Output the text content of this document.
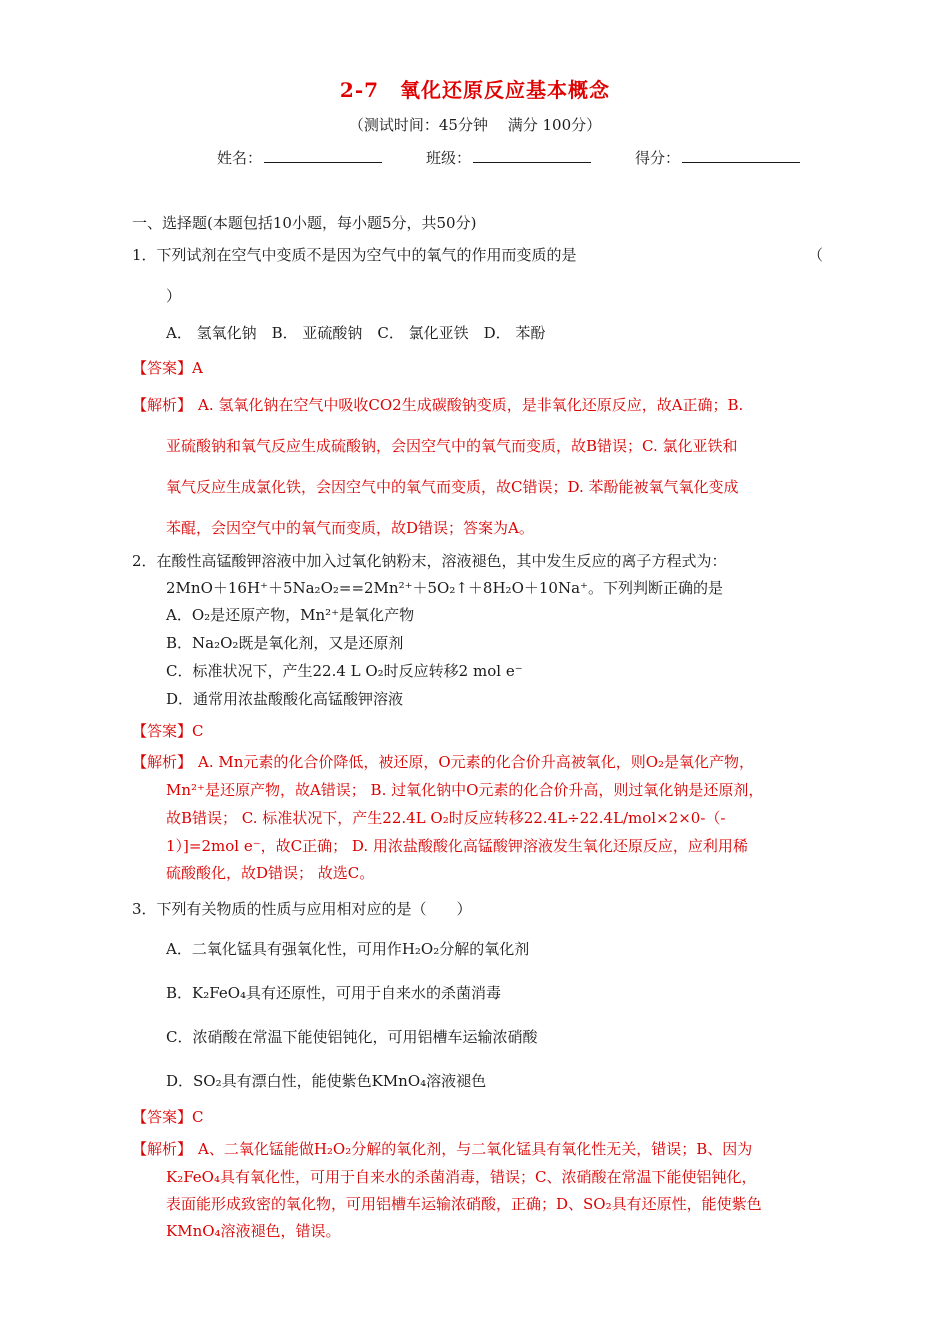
2-7　氧化还原反应基本概念
（测试时间：45分钟　 满分 100分）
姓名：	班级：	得分：
一、选择题(本题包括10小题，每小题5分，共50分)
1．下列试剂在空气中变质不是因为空气中的氧气的作用而变质的是	（
）
A． 氢氧化钠　B． 亚硫酸钠　C． 氯化亚铁　D． 苯酚
【答案】A
【解析】 A. 氢氧化钠在空气中吸收CO2生成碳酸钠变质，是非氧化还原反应，故A正确；B.
亚硫酸钠和氧气反应生成硫酸钠，会因空气中的氧气而变质，故B错误；C. 氯化亚铁和
氧气反应生成氯化铁，会因空气中的氧气而变质，故C错误；D. 苯酚能被氧气氧化变成
苯醌，会因空气中的氧气而变质，故D错误；答案为A。
2．在酸性高锰酸钾溶液中加入过氧化钠粉末，溶液褪色，其中发生反应的离子方程式为：
2MnO＋16H⁺＋5Na₂O₂==2Mn²⁺＋5O₂↑＋8H₂O＋10Na⁺。下列判断正确的是
A．O₂是还原产物，Mn²⁺是氧化产物
B．Na₂O₂既是氧化剂，又是还原剂
C．标准状况下，产生22.4 L O₂时反应转移2 mol e⁻
D．通常用浓盐酸酸化高锰酸钾溶液
【答案】C
【解析】 A. Mn元素的化合价降低，被还原，O元素的化合价升高被氧化，则O₂是氧化产物，
Mn²⁺是还原产物，故A错误； B. 过氧化钠中O元素的化合价升高，则过氧化钠是还原剂，
故B错误； C. 标准状况下，产生22.4L O₂时反应转移22.4L÷22.4L/mol×2×0-（-
1）]=2mol e⁻，故C正确； D. 用浓盐酸酸化高锰酸钾溶液发生氧化还原反应，应利用稀
硫酸酸化，故D错误； 故选C。
3．下列有关物质的性质与应用相对应的是（　　）
A．二氧化锰具有强氧化性，可用作H₂O₂分解的氧化剂
B．K₂FeO₄具有还原性，可用于自来水的杀菌消毒
C．浓硝酸在常温下能使铝钝化，可用铝槽车运输浓硝酸
D．SO₂具有漂白性，能使紫色KMnO₄溶液褪色
【答案】C
【解析】 A、二氧化锰能做H₂O₂分解的氧化剂，与二氧化锰具有氧化性无关，错误；B、因为
K₂FeO₄具有氧化性，可用于自来水的杀菌消毒，错误；C、浓硝酸在常温下能使铝钝化，
表面能形成致密的氧化物，可用铝槽车运输浓硝酸，正确；D、SO₂具有还原性，能使紫色
KMnO₄溶液褪色，错误。
